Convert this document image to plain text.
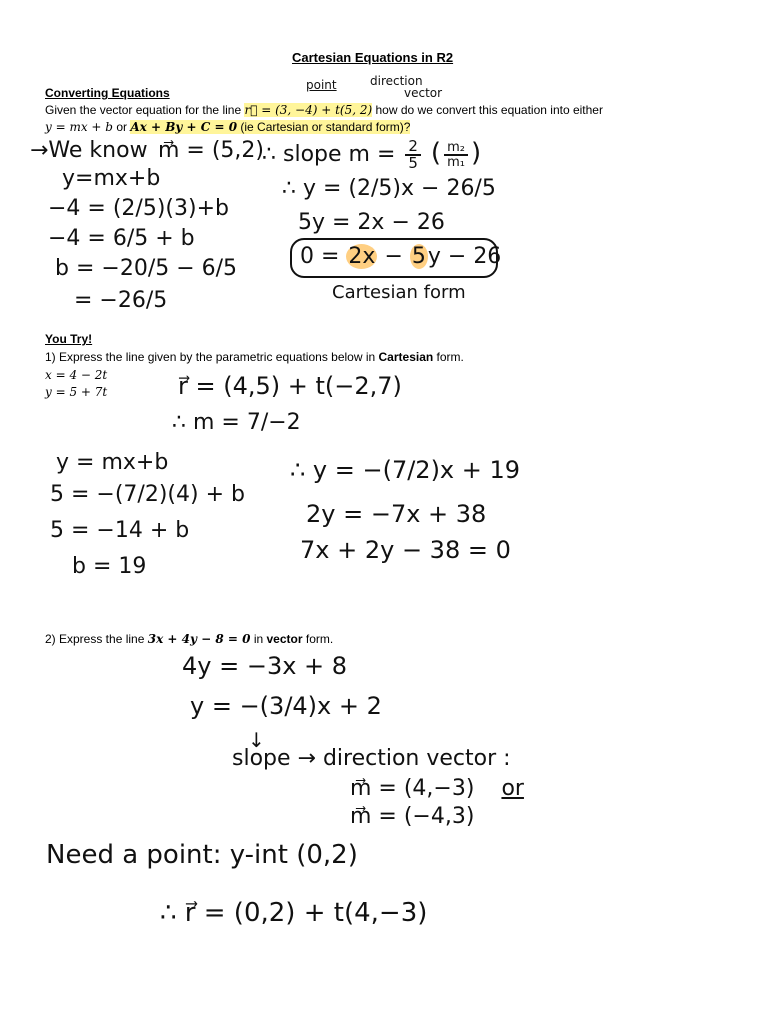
Cartesian Equations in R2
Converting Equations
Given the vector equation for the line r⃗ = (3, −4) + t(5, 2) how do we convert this equation into either
y = mx + b or Ax + By + C = 0 (ie Cartesian or standard form)?
point	direction
vector
→We know m⃗ = (5,2)
∴ slope $m = \frac{2}{5}$ ( $\frac{\text{m₂}}{\text{m₁}}$ )
y=mx+b
−4 = (2/5)(3)+b
−4 = 6/5 + b
b = −20/5 − 6/5
= −26/5
∴ y = (2/5)x − 26/5
5y = 2x − 26
0 = 2x − 5y − 26
Cartesian form
You Try!
1) Express the line given by the parametric equations below in Cartesian form.
x = 4 − 2t
y = 5 + 7t	r⃗ = (4,5) + t(−2,7)
∴ m = 7/−2
y = mx+b
5 = −(7/2)(4) + b
5 = −14 + b
b = 19
∴ y = −(7/2)x + 19
2y = −7x + 38
7x + 2y − 38 = 0
2) Express the line 3x + 4y − 8 = 0 in vector form.
4y = −3x + 8
y = −(3/4)x + 2
↓
slope → direction vector :
m⃗ = (4,−3) or
m⃗ = (−4,3)
Need a point: y-int (0,2)
∴ r⃗ = (0,2) + t(4,−3)
